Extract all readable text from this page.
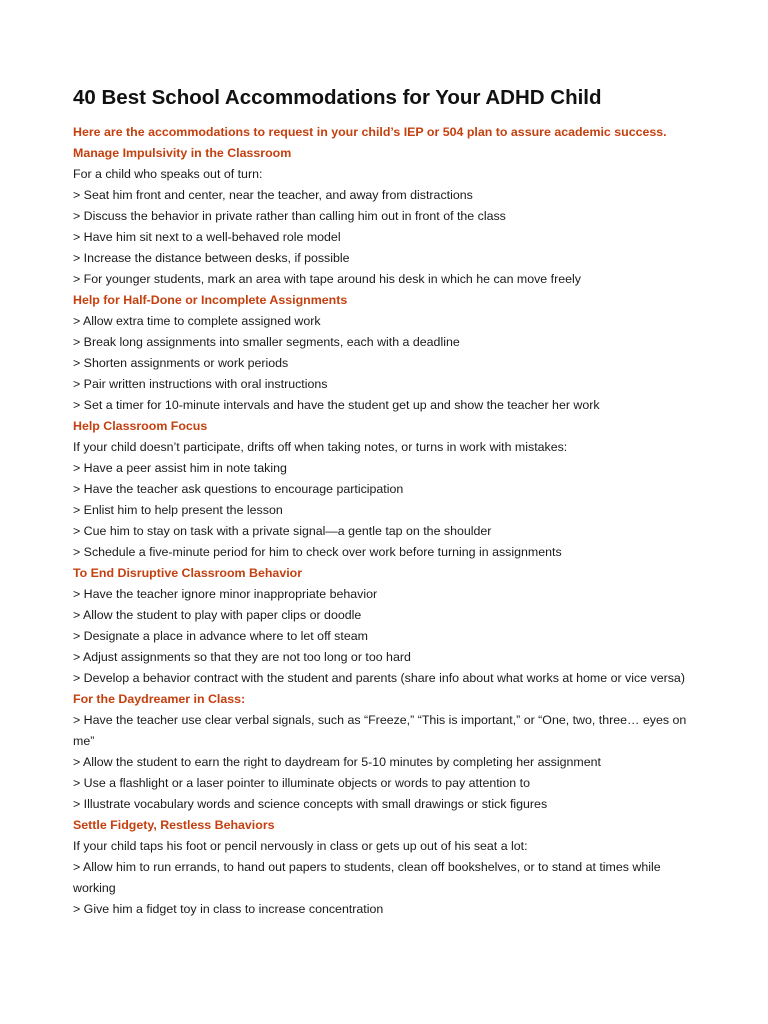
40 Best School Accommodations for Your ADHD Child
Here are the accommodations to request in your child’s IEP or 504 plan to assure academic success.
Manage Impulsivity in the Classroom
For a child who speaks out of turn:
> Seat him front and center, near the teacher, and away from distractions
> Discuss the behavior in private rather than calling him out in front of the class
> Have him sit next to a well-behaved role model
> Increase the distance between desks, if possible
> For younger students, mark an area with tape around his desk in which he can move freely
Help for Half-Done or Incomplete Assignments
> Allow extra time to complete assigned work
> Break long assignments into smaller segments, each with a deadline
> Shorten assignments or work periods
> Pair written instructions with oral instructions
> Set a timer for 10-minute intervals and have the student get up and show the teacher her work
Help Classroom Focus
If your child doesn’t participate, drifts off when taking notes, or turns in work with mistakes:
> Have a peer assist him in note taking
> Have the teacher ask questions to encourage participation
> Enlist him to help present the lesson
> Cue him to stay on task with a private signal—a gentle tap on the shoulder
> Schedule a five-minute period for him to check over work before turning in assignments
To End Disruptive Classroom Behavior
> Have the teacher ignore minor inappropriate behavior
> Allow the student to play with paper clips or doodle
> Designate a place in advance where to let off steam
> Adjust assignments so that they are not too long or too hard
> Develop a behavior contract with the student and parents (share info about what works at home or vice versa)
For the Daydreamer in Class:
> Have the teacher use clear verbal signals, such as “Freeze,” “This is important,” or “One, two, three… eyes on me”
> Allow the student to earn the right to daydream for 5-10 minutes by completing her assignment
> Use a flashlight or a laser pointer to illuminate objects or words to pay attention to
> Illustrate vocabulary words and science concepts with small drawings or stick figures
Settle Fidgety, Restless Behaviors
If your child taps his foot or pencil nervously in class or gets up out of his seat a lot:
> Allow him to run errands, to hand out papers to students, clean off bookshelves, or to stand at times while working
> Give him a fidget toy in class to increase concentration
